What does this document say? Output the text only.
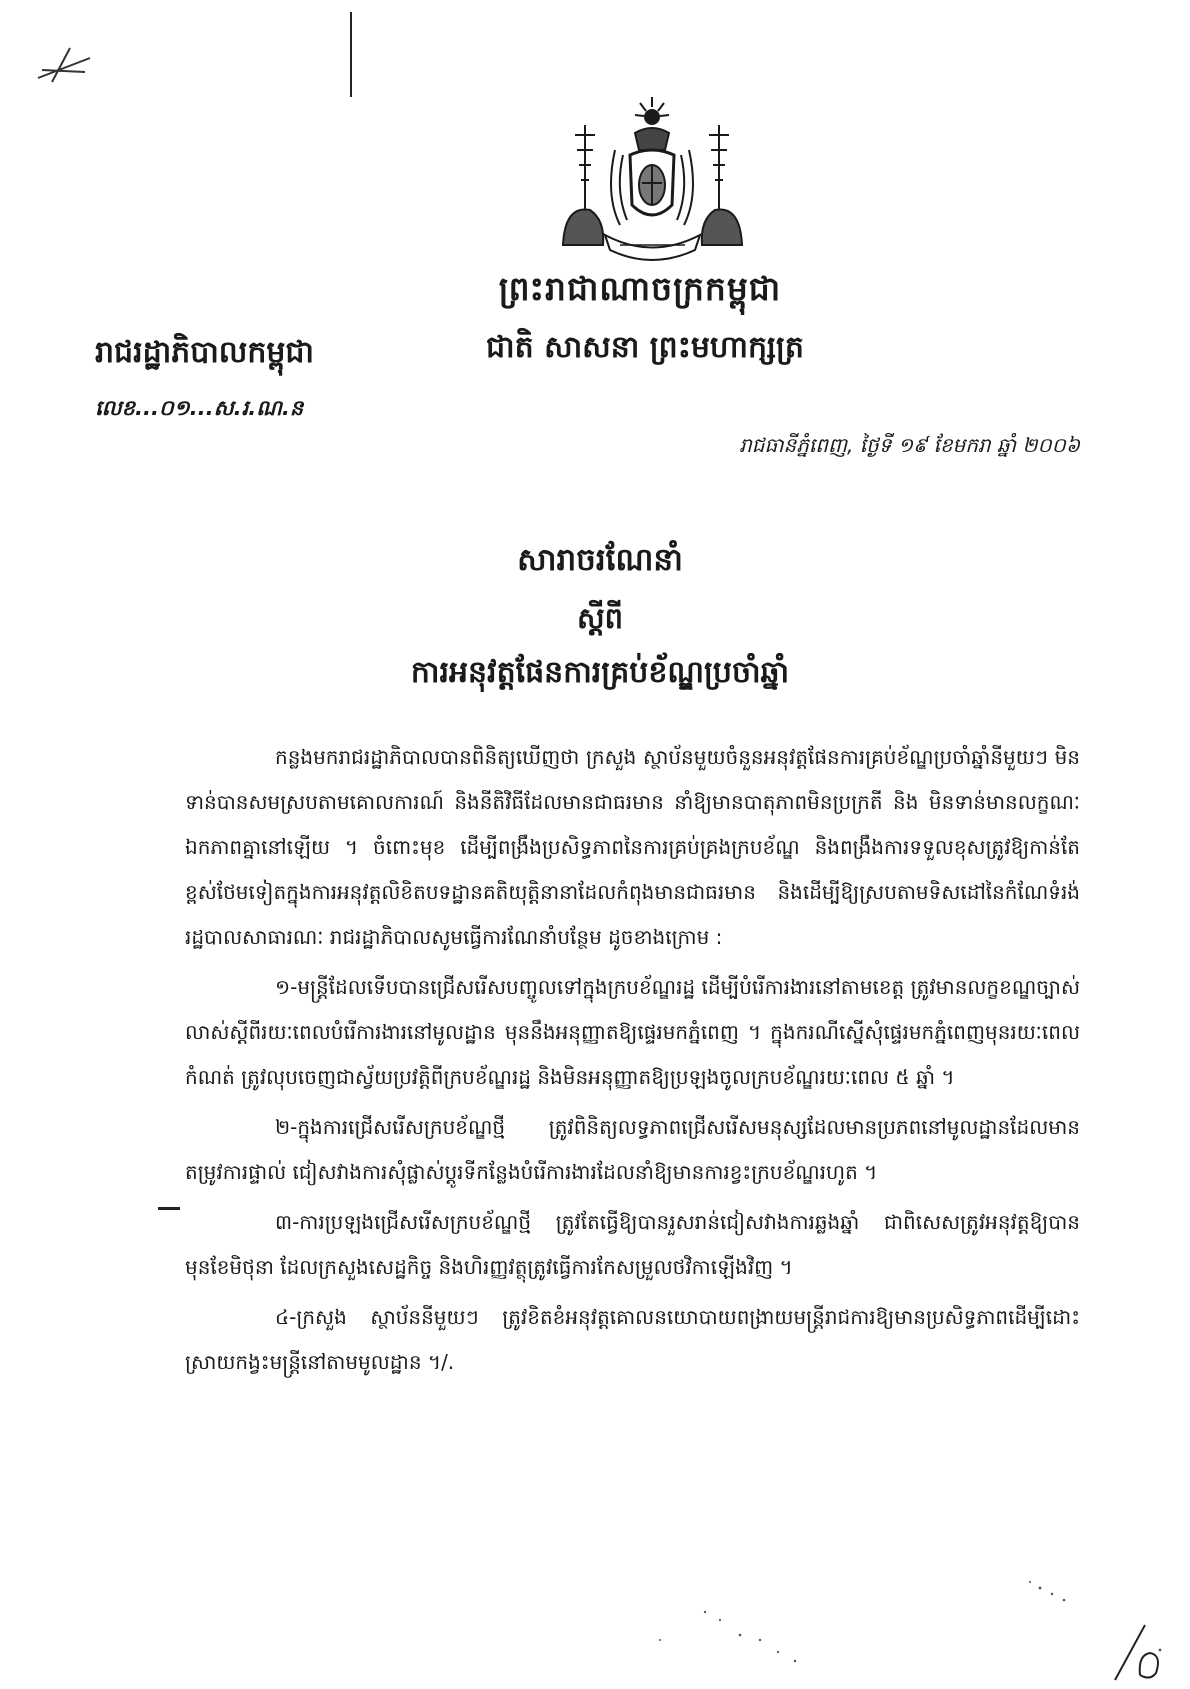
ព្រះរាជាណាចក្រកម្ពុជា
ជាតិ សាសនា ព្រះមហាក្សត្រ
រាជរដ្ឋាភិបាលកម្ពុជា
លេខ...០១...ស.រ.ណ.ន
រាជធានីភ្នំពេញ, ថ្ងៃទី ១៩ ខែមករា ឆ្នាំ ២០០៦
សារាចរណែនាំ
ស្តីពី
ការអនុវត្តផែនការគ្រប់ខ័ណ្ឌប្រចាំឆ្នាំ

កន្លងមករាជរដ្ឋាភិបាលបានពិនិត្យឃើញថា ក្រសួង ស្ថាប័នមួយចំនួនអនុវត្តផែនការគ្រប់ខ័ណ្ឌប្រចាំឆ្នាំនីមួយៗ មិនទាន់បានសមស្របតាមគោលការណ៍ និងនីតិវិធីដែលមានជាធរមាន នាំឱ្យមានបាតុភាពមិនប្រក្រតី និង មិនទាន់មានលក្ខណៈឯកភាពគ្នានៅឡើយ ។ ចំពោះមុខ ដើម្បីពង្រឹងប្រសិទ្ធភាពនៃការគ្រប់គ្រងក្របខ័ណ្ឌ និងពង្រឹងការទទួលខុសត្រូវឱ្យកាន់តែខ្ពស់ថែមទៀតក្នុងការអនុវត្តលិខិតបទដ្ឋានគតិយុត្តិនានាដែលកំពុងមានជាធរមាន និងដើម្បីឱ្យស្របតាមទិសដៅនៃកំណែទំរង់រដ្ឋបាលសាធារណៈ រាជរដ្ឋាភិបាលសូមធ្វើការណែនាំបន្ថែម ដូចខាងក្រោម :

១-មន្ត្រីដែលទើបបានជ្រើសរើសបញ្ចូលទៅក្នុងក្របខ័ណ្ឌរដ្ឋ ដើម្បីបំរើការងារនៅតាមខេត្ត ត្រូវមានលក្ខខណ្ឌច្បាស់លាស់ស្តីពីរយៈពេលបំរើការងារនៅមូលដ្ឋាន មុននឹងអនុញ្ញាតឱ្យផ្ទេរមកភ្នំពេញ ។ ក្នុងករណីស្នើសុំផ្ទេរមកភ្នំពេញមុនរយៈពេលកំណត់ ត្រូវលុបចេញជាស្វ័យប្រវត្តិពីក្របខ័ណ្ឌរដ្ឋ និងមិនអនុញ្ញាតឱ្យប្រឡងចូលក្របខ័ណ្ឌរយៈពេល ៥ ឆ្នាំ ។

២-ក្នុងការជ្រើសរើសក្របខ័ណ្ឌថ្មី ត្រូវពិនិត្យលទ្ធភាពជ្រើសរើសមនុស្សដែលមានប្រភពនៅមូលដ្ឋានដែលមានតម្រូវការផ្ទាល់ ជៀសវាងការសុំផ្លាស់ប្តូរទីកន្លែងបំរើការងារដែលនាំឱ្យមានការខ្វះក្របខ័ណ្ឌរហូត ។

៣-ការប្រឡងជ្រើសរើសក្របខ័ណ្ឌថ្មី ត្រូវតែធ្វើឱ្យបានរួសរាន់ជៀសវាងការឆ្លងឆ្នាំ ជាពិសេសត្រូវអនុវត្តឱ្យបានមុនខែមិថុនា ដែលក្រសួងសេដ្ឋកិច្ច និងហិរញ្ញវត្ថុត្រូវធ្វើការកែសម្រួលថវិកាឡើងវិញ ។

៤-ក្រសួង ស្ថាប័ននីមួយៗ ត្រូវខិតខំអនុវត្តគោលនយោបាយពង្រាយមន្ត្រីរាជការឱ្យមានប្រសិទ្ធភាពដើម្បីដោះស្រាយកង្វះមន្ត្រីនៅតាមមូលដ្ឋាន ។/.
